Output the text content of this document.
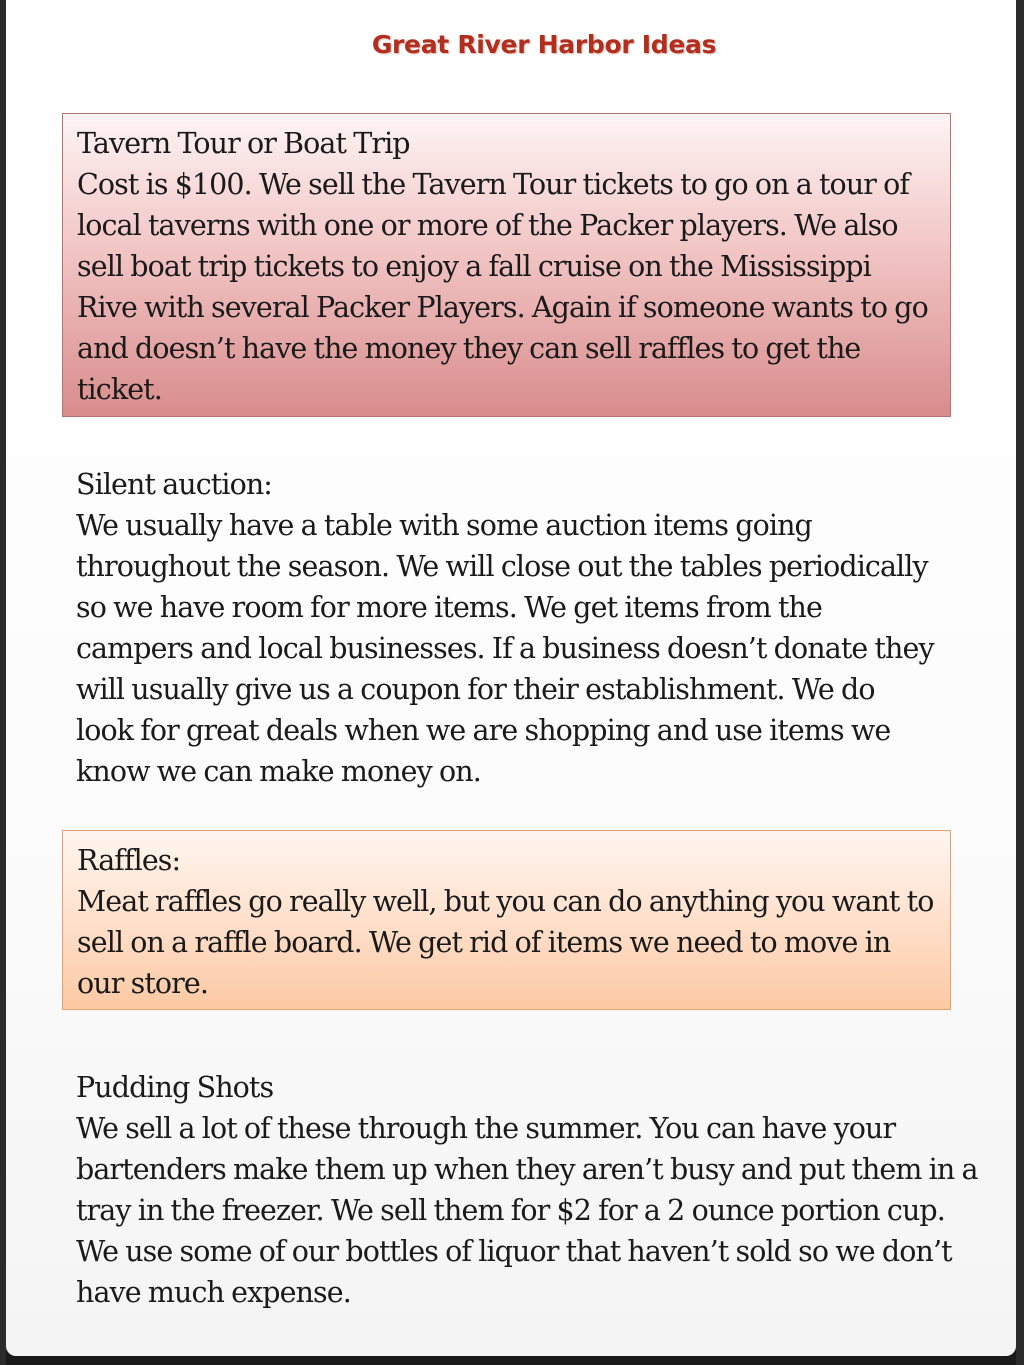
Great River Harbor Ideas

Tavern Tour or Boat Trip

Cost is $100. We sell the Tavern Tour tickets to go on a tour of local taverns with one or more of the Packer players. We also sell boat trip tickets to enjoy a fall cruise on the Mississippi Rive with several Packer Players. Again if someone wants to go and doesn’t have the money they can sell raffles to get the ticket.

Silent auction:

We usually have a table with some auction items going throughout the season. We will close out the tables periodically so we have room for more items. We get items from the campers and local businesses. If a business doesn’t donate they will usually give us a coupon for their establishment. We do look for great deals when we are shopping and use items we know we can make money on.

Raffles:

Meat raffles go really well, but you can do anything you want to sell on a raffle board. We get rid of items we need to move in our store.

Pudding Shots

We sell a lot of these through the summer. You can have your bartenders make them up when they aren’t busy and put them in a tray in the freezer. We sell them for $2 for a 2 ounce portion cup. We use some of our bottles of liquor that haven’t sold so we don’t have much expense.
